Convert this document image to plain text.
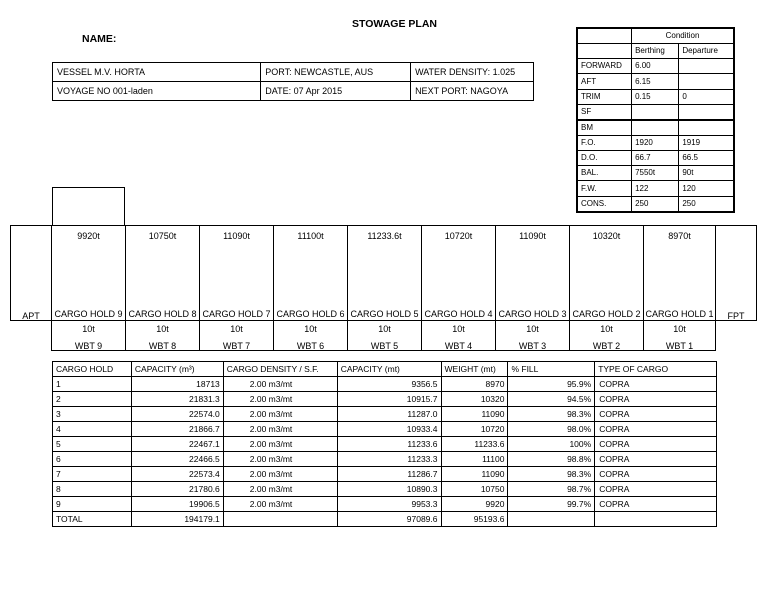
STOWAGE PLAN
NAME:
VESSEL M.V. HORTA	PORT: NEWCASTLE, AUS	WATER DENSITY: 1.025
VOYAGE NO 001-laden	DATE: 07 Apr 2015	NEXT PORT: NAGOYA
	Condition	
	Berthing	Departure
FORWARD	6.00	
AFT	6.15	
TRIM	0.15	0
SF		
BM		
F.O.	1920	1919
D.O.	66.7	66.5
BAL.	7550t	90t
F.W.	122	120
CONS.	250	250
APT	FPT
9920t
CARGO HOLD 9
10750t
CARGO HOLD 8
11090t
CARGO HOLD 7
11100t
CARGO HOLD 6
11233.6t
CARGO HOLD 5
10720t
CARGO HOLD 4
11090t
CARGO HOLD 3
10320t
CARGO HOLD 2
8970t
CARGO HOLD 1
10t
WBT 9
10t
WBT 8
10t
WBT 7
10t
WBT 6
10t
WBT 5
10t
WBT 4
10t
WBT 3
10t
WBT 2
10t
WBT 1
CARGO HOLD	CAPACITY (m³)	CARGO DENSITY / S.F.	CAPACITY (mt)	WEIGHT (mt)	% FILL	TYPE OF CARGO
1	18713	2.00 m3/mt	9356.5	8970	95.9%	COPRA
2	21831.3	2.00 m3/mt	10915.7	10320	94.5%	COPRA
3	22574.0	2.00 m3/mt	11287.0	11090	98.3%	COPRA
4	21866.7	2.00 m3/mt	10933.4	10720	98.0%	COPRA
5	22467.1	2.00 m3/mt	11233.6	11233.6	100%	COPRA
6	22466.5	2.00 m3/mt	11233.3	11100	98.8%	COPRA
7	22573.4	2.00 m3/mt	11286.7	11090	98.3%	COPRA
8	21780.6	2.00 m3/mt	10890.3	10750	98.7%	COPRA
9	19906.5	2.00 m3/mt	9953.3	9920	99.7%	COPRA
TOTAL	194179.1		97089.6	95193.6		
